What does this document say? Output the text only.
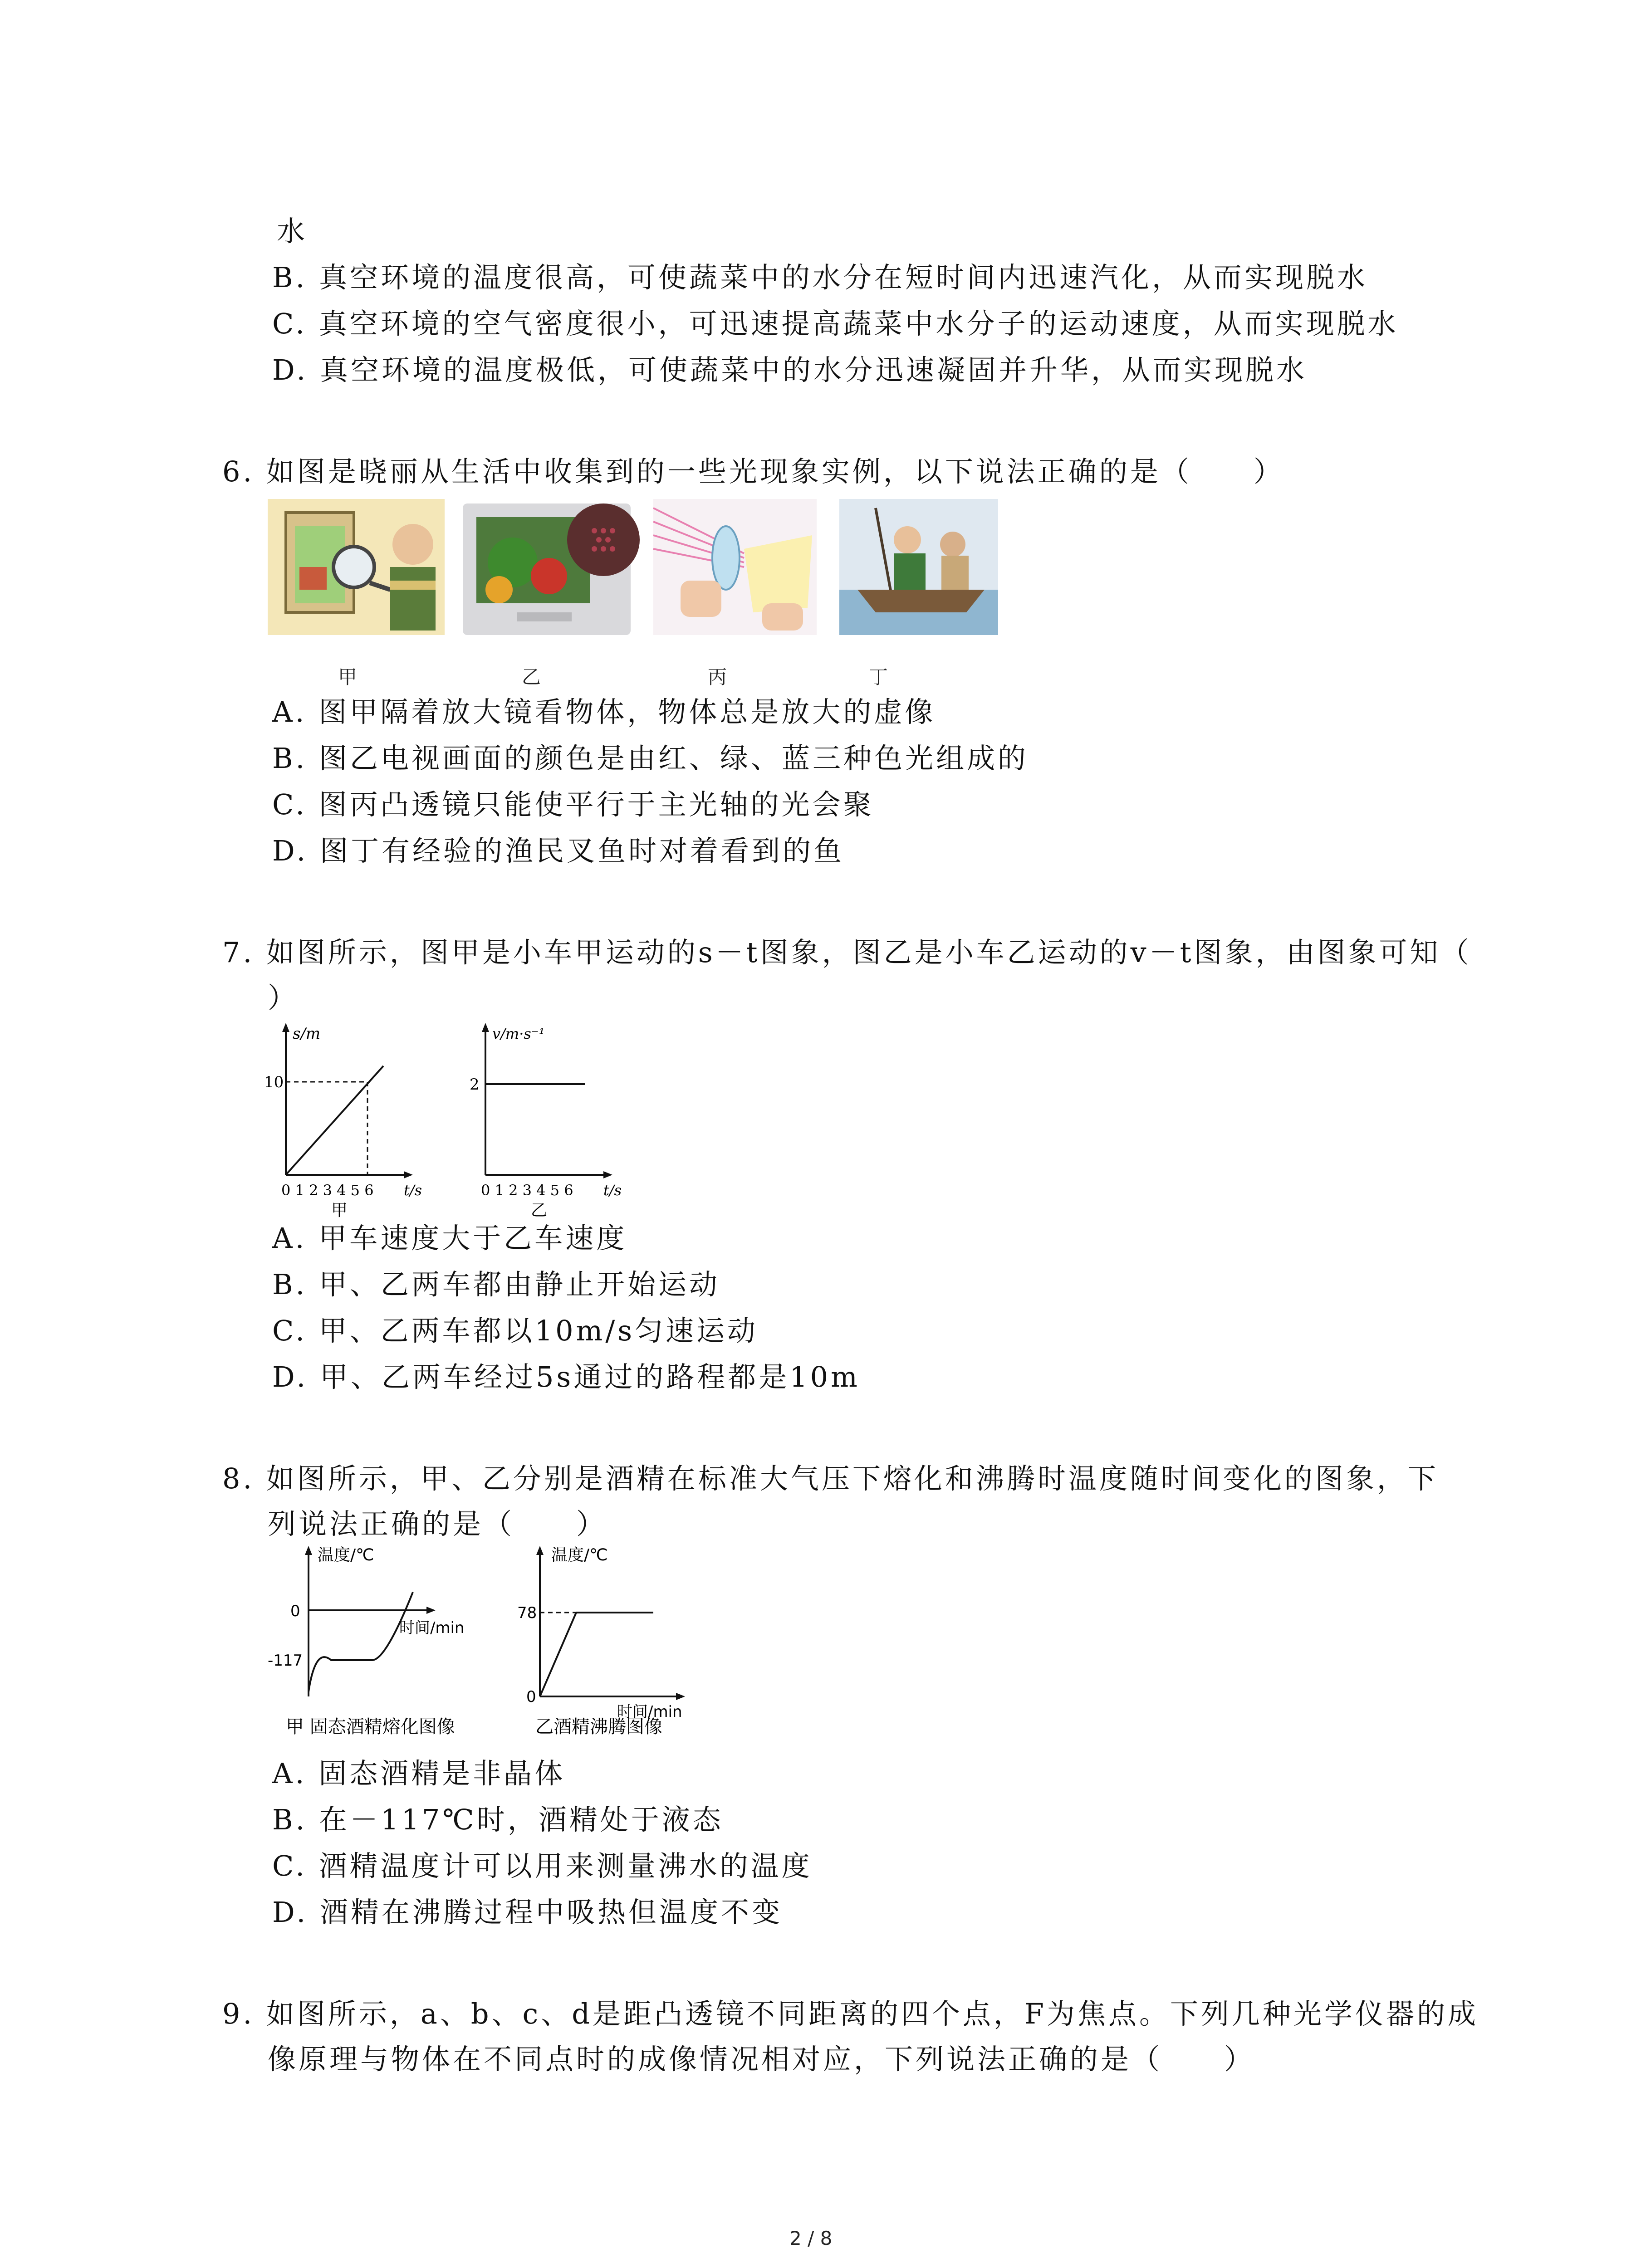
水
B. 真空环境的温度很高，可使蔬菜中的水分在短时间内迅速汽化，从而实现脱水
C. 真空环境的空气密度很小，可迅速提高蔬菜中水分子的运动速度，从而实现脱水
D. 真空环境的温度极低，可使蔬菜中的水分迅速凝固并升华，从而实现脱水
6. 如图是晓丽从生活中收集到的一些光现象实例，以下说法正确的是（　　）
甲	乙	丙	丁
A. 图甲隔着放大镜看物体，物体总是放大的虚像
B. 图乙电视画面的颜色是由红、绿、蓝三种色光组成的
C. 图丙凸透镜只能使平行于主光轴的光会聚
D. 图丁有经验的渔民叉鱼时对着看到的鱼
7. 如图所示，图甲是小车甲运动的s－t图象，图乙是小车乙运动的v－t图象，由图象可知（
）
s/m
10
0 1 2 3 4 5 6 t/s
甲
v/m·s⁻¹
2
0 1 2 3 4 5 6 t/s
乙
A. 甲车速度大于乙车速度
B. 甲、乙两车都由静止开始运动
C. 甲、乙两车都以10m/s匀速运动
D. 甲、乙两车经过5s通过的路程都是10m
8. 如图所示，甲、乙分别是酒精在标准大气压下熔化和沸腾时温度随时间变化的图象，下
列说法正确的是（　　）
温度/℃
0
-117
时间/min
甲 固态酒精熔化图像
温度/℃
78
0
时间/min
乙酒精沸腾图像
A. 固态酒精是非晶体
B. 在－117℃时，酒精处于液态
C. 酒精温度计可以用来测量沸水的温度
D. 酒精在沸腾过程中吸热但温度不变
9. 如图所示，a、b、c、d是距凸透镜不同距离的四个点，F为焦点。下列几种光学仪器的成
像原理与物体在不同点时的成像情况相对应，下列说法正确的是（　　）
2 / 8
